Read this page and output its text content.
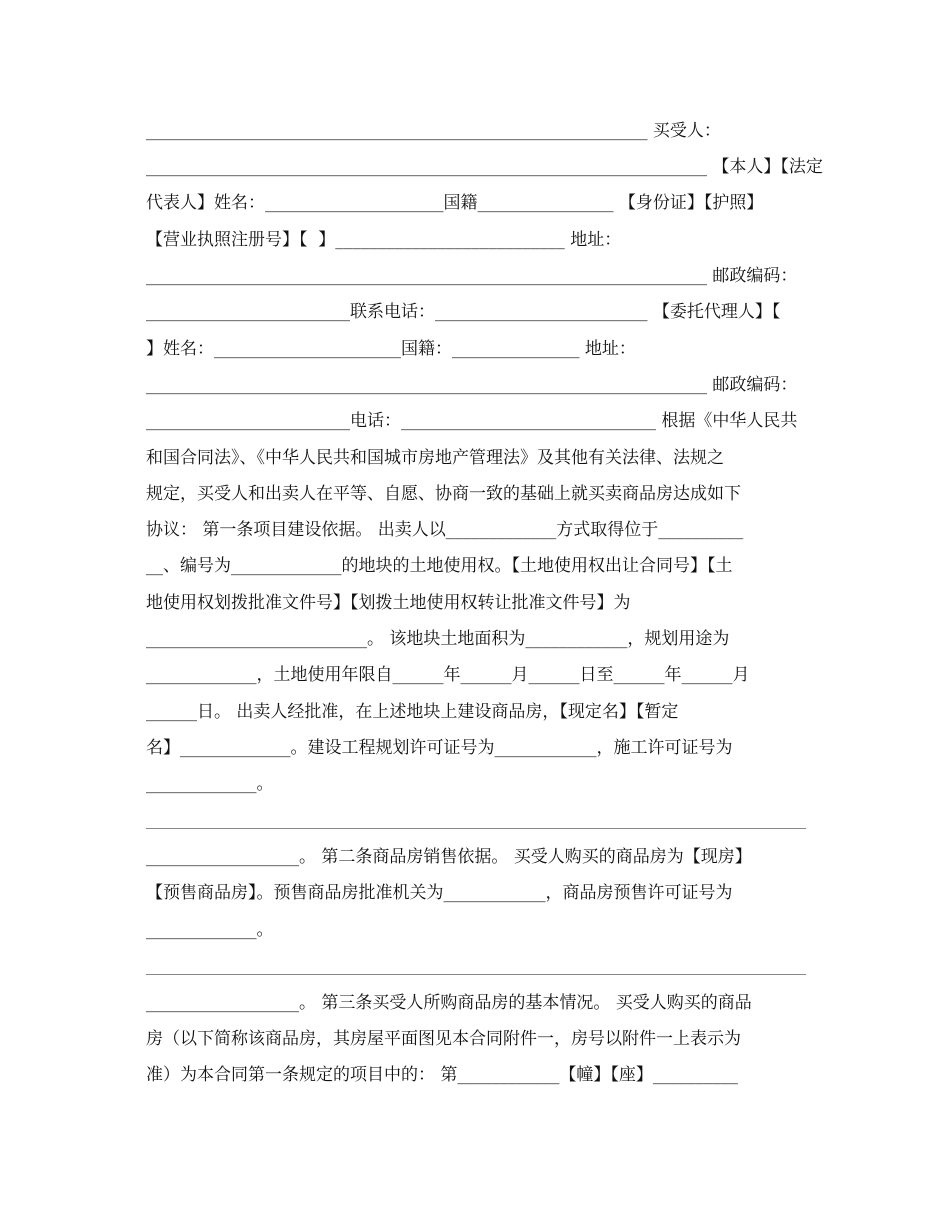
___________________________________________________________ 买受人：
__________________________________________________________________ 【本人】【法定
代表人】姓名：_____________________国籍________________ 【身份证】【护照】
【营业执照注册号】【  】___________________________ 地址：
__________________________________________________________________ 邮政编码：
________________________联系电话：_________________________ 【委托代理人】【
】姓名：______________________国籍：_______________ 地址：
__________________________________________________________________ 邮政编码：
________________________电话：______________________________ 根据《中华人民共
和国合同法》、《中华人民共和国城市房地产管理法》及其他有关法律、法规之
规定，买受人和出卖人在平等、自愿、协商一致的基础上就买卖商品房达成如下
协议： 第一条项目建设依据。 出卖人以_____________方式取得位于__________
__、编号为_____________的地块的土地使用权。【土地使用权出让合同号】【土
地使用权划拨批准文件号】【划拨土地使用权转让批准文件号】为
__________________________。 该地块土地面积为____________，规划用途为
_____________，土地使用年限自______年______月______日至______年______月
______日。 出卖人经批准，在上述地块上建设商品房，【现定名】【暂定
名】_____________。建设工程规划许可证号为____________，施工许可证号为
_____________。
__________________。 第二条商品房销售依据。 买受人购买的商品房为【现房】
【预售商品房】。预售商品房批准机关为____________，商品房预售许可证号为
_____________。
__________________。 第三条买受人所购商品房的基本情况。 买受人购买的商品
房（以下简称该商品房，其房屋平面图见本合同附件一，房号以附件一上表示为
准）为本合同第一条规定的项目中的： 第____________【幢】【座】__________
